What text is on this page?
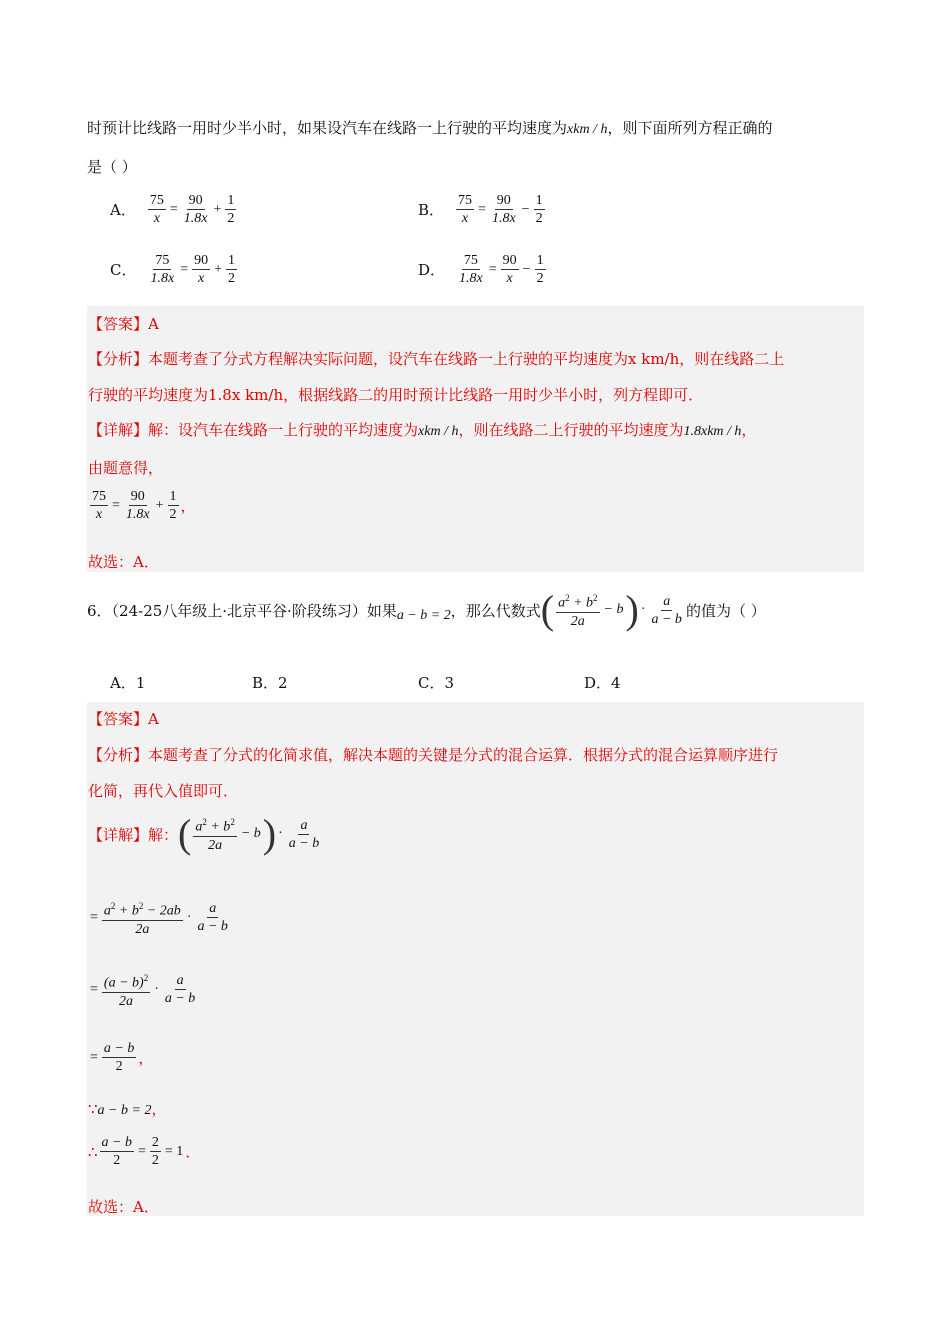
时预计比线路一用时少半小时，如果设汽车在线路一上行驶的平均速度为xkm / h，则下面所列方程正确的
是（ ）
A． $\frac{75}{x} = \frac{90}{1.8x} + \frac{1}{2}$	B． $\frac{75}{x} = \frac{90}{1.8x} - \frac{1}{2}$
C． $\frac{75}{1.8x} = \frac{90}{x} + \frac{1}{2}$	D． $\frac{75}{1.8x} = \frac{90}{x} - \frac{1}{2}$
【答案】A
【分析】本题考查了分式方程解决实际问题，设汽车在线路一上行驶的平均速度为x km/h，则在线路二上
行驶的平均速度为1.8x km/h，根据线路二的用时预计比线路一用时少半小时，列方程即可．
【详解】解：设汽车在线路一上行驶的平均速度为xkm / h，则在线路二上行驶的平均速度为1.8xkm / h，
由题意得，
$\frac{75}{x} = \frac{90}{1.8x} + \frac{1}{2}$ ，
故选：A．
6．（24-25八年级上·北京平谷·阶段练习）如果 a − b = 2 ，那么代数式 ( $\frac{a^2 + b^2}{2a} - b$ ) · $\frac{a}{a - b}$ 的值为（ ）
A．1	B．2	C．3	D．4
【答案】A
【分析】本题考查了分式的化简求值，解决本题的关键是分式的混合运算．根据分式的混合运算顺序进行
化简，再代入值即可．
【详解】 解： ( $\frac{a^2 + b^2}{2a} - b$ ) · $\frac{a}{a - b}$
= $\frac{a^2 + b^2 - 2ab}{2a} \cdot \frac{a}{a - b}$
= $\frac{(a - b)^2}{2a} \cdot \frac{a}{a - b}$
= $\frac{a - b}{2}$ ，
∵a − b = 2，
∴ $\frac{a - b}{2} = \frac{2}{2} = 1$ ．
故选：A．
